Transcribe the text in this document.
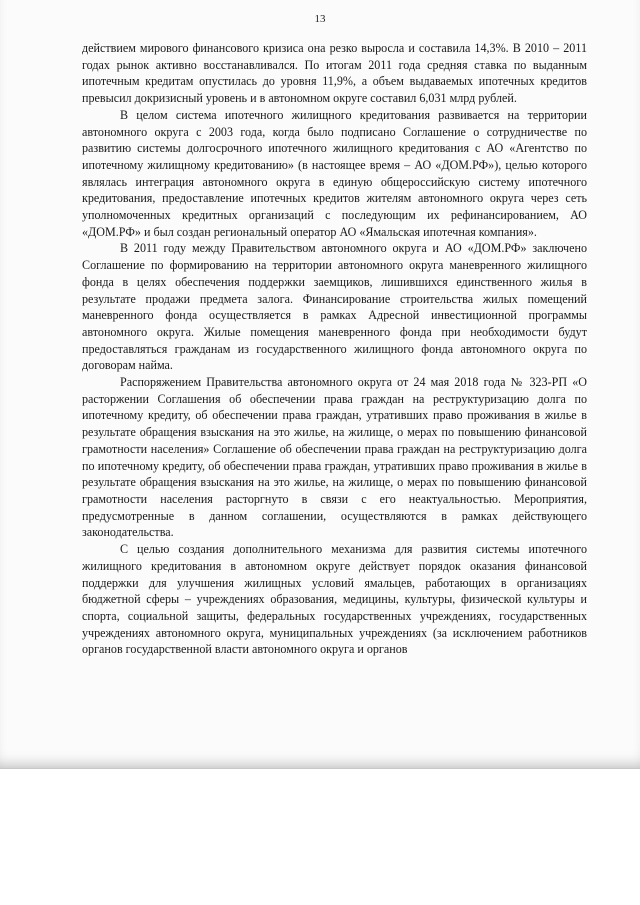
13

действием мирового финансового кризиса она резко выросла и составила 14,3%. В 2010 – 2011 годах рынок активно восстанавливался. По итогам 2011 года средняя ставка по выданным ипотечным кредитам опустилась до уровня 11,9%, а объем выдаваемых ипотечных кредитов превысил докризисный уровень и в автономном округе составил 6,031 млрд рублей.

В целом система ипотечного жилищного кредитования развивается на территории автономного округа с 2003 года, когда было подписано Соглашение о сотрудничестве по развитию системы долгосрочного ипотечного жилищного кредитования с АО «Агентство по ипотечному жилищному кредитованию» (в настоящее время – АО «ДОМ.РФ»), целью которого являлась интеграция автономного округа в единую общероссийскую систему ипотечного кредитования, предоставление ипотечных кредитов жителям автономного округа через сеть уполномоченных кредитных организаций с последующим их рефинансированием, АО «ДОМ.РФ» и был создан региональный оператор АО «Ямальская ипотечная компания».

В 2011 году между Правительством автономного округа и АО «ДОМ.РФ» заключено Соглашение по формированию на территории автономного округа маневренного жилищного фонда в целях обеспечения поддержки заемщиков, лишившихся единственного жилья в результате продажи предмета залога. Финансирование строительства жилых помещений маневренного фонда осуществляется в рамках Адресной инвестиционной программы автономного округа. Жилые помещения маневренного фонда при необходимости будут предоставляться гражданам из государственного жилищного фонда автономного округа по договорам найма.

Распоряжением Правительства автономного округа от 24 мая 2018 года № 323-РП «О расторжении Соглашения об обеспечении права граждан на реструктуризацию долга по ипотечному кредиту, об обеспечении права граждан, утративших право проживания в жилье в результате обращения взыскания на это жилье, на жилище, о мерах по повышению финансовой грамотности населения» Соглашение об обеспечении права граждан на реструктуризацию долга по ипотечному кредиту, об обеспечении права граждан, утративших право проживания в жилье в результате обращения взыскания на это жилье, на жилище, о мерах по повышению финансовой грамотности населения расторгнуто в связи с его неактуальностью. Мероприятия, предусмотренные в данном соглашении, осуществляются в рамках действующего законодательства.

С целью создания дополнительного механизма для развития системы ипотечного жилищного кредитования в автономном округе действует порядок оказания финансовой поддержки для улучшения жилищных условий ямальцев, работающих в организациях бюджетной сферы – учреждениях образования, медицины, культуры, физической культуры и спорта, социальной защиты, федеральных государственных учреждениях, государственных учреждениях автономного округа, муниципальных учреждениях (за исключением работников органов государственной власти автономного округа и органов
